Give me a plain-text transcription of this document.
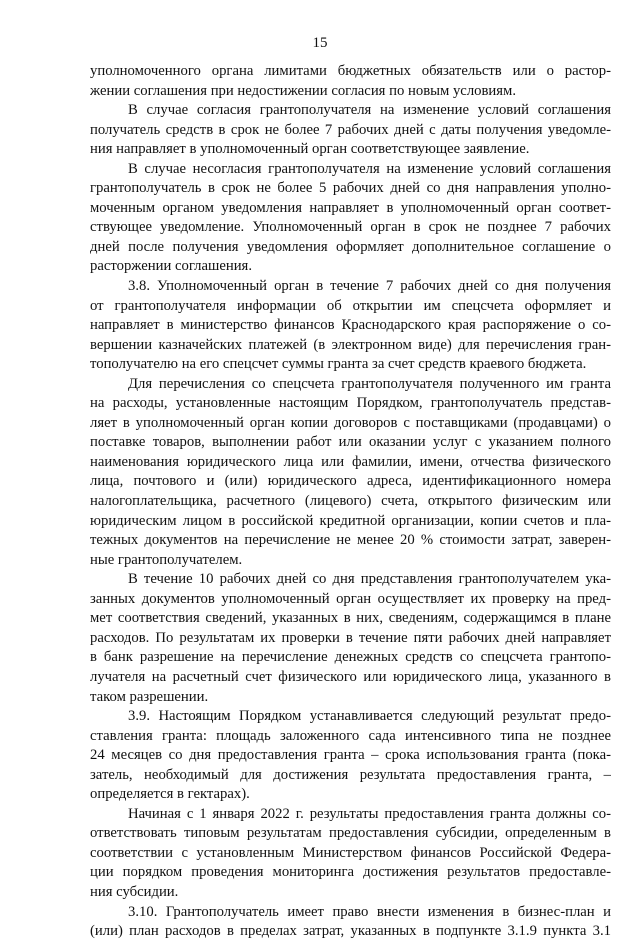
15
уполномоченного органа лимитами бюджетных обязательств или о растор-
жении соглашения при недостижении согласия по новым условиям.
В случае согласия грантополучателя на изменение условий соглашения
получатель средств в срок не более 7 рабочих дней с даты получения уведомле-
ния направляет в уполномоченный орган соответствующее заявление.
В случае несогласия грантополучателя на изменение условий соглашения
грантополучатель в срок не более 5 рабочих дней со дня направления уполно-
моченным органом уведомления направляет в уполномоченный орган соответ-
ствующее уведомление. Уполномоченный орган в срок не позднее 7 рабочих
дней после получения уведомления оформляет дополнительное соглашение о
расторжении соглашения.
3.8. Уполномоченный орган в течение 7 рабочих дней со дня получения
от грантополучателя информации об открытии им спецсчета оформляет и
направляет в министерство финансов Краснодарского края распоряжение о со-
вершении казначейских платежей (в электронном виде) для перечисления гран-
тополучателю на его спецсчет суммы гранта за счет средств краевого бюджета.
Для перечисления со спецсчета грантополучателя полученного им гранта
на расходы, установленные настоящим Порядком, грантополучатель представ-
ляет в уполномоченный орган копии договоров с поставщиками (продавцами) о
поставке товаров, выполнении работ или оказании услуг с указанием полного
наименования юридического лица или фамилии, имени, отчества физического
лица, почтового и (или) юридического адреса, идентификационного номера
налогоплательщика, расчетного (лицевого) счета, открытого физическим или
юридическим лицом в российской кредитной организации, копии счетов и пла-
тежных документов на перечисление не менее 20 % стоимости затрат, заверен-
ные грантополучателем.
В течение 10 рабочих дней со дня представления грантополучателем ука-
занных документов уполномоченный орган осуществляет их проверку на пред-
мет соответствия сведений, указанных в них, сведениям, содержащимся в плане
расходов. По результатам их проверки в течение пяти рабочих дней направляет
в банк разрешение на перечисление денежных средств со спецсчета грантопо-
лучателя на расчетный счет физического или юридического лица, указанного в
таком разрешении.
3.9. Настоящим Порядком устанавливается следующий результат предо-
ставления гранта: площадь заложенного сада интенсивного типа не позднее
24 месяцев со дня предоставления гранта – срока использования гранта (пока-
затель, необходимый для достижения результата предоставления гранта, –
определяется в гектарах).
Начиная с 1 января 2022 г. результаты предоставления гранта должны со-
ответствовать типовым результатам предоставления субсидии, определенным в
соответствии с установленным Министерством финансов Российской Федера-
ции порядком проведения мониторинга достижения результатов предоставле-
ния субсидии.
3.10. Грантополучатель имеет право внести изменения в бизнес-план и
(или) план расходов в пределах затрат, указанных в подпункте 3.1.9 пункта 3.1
